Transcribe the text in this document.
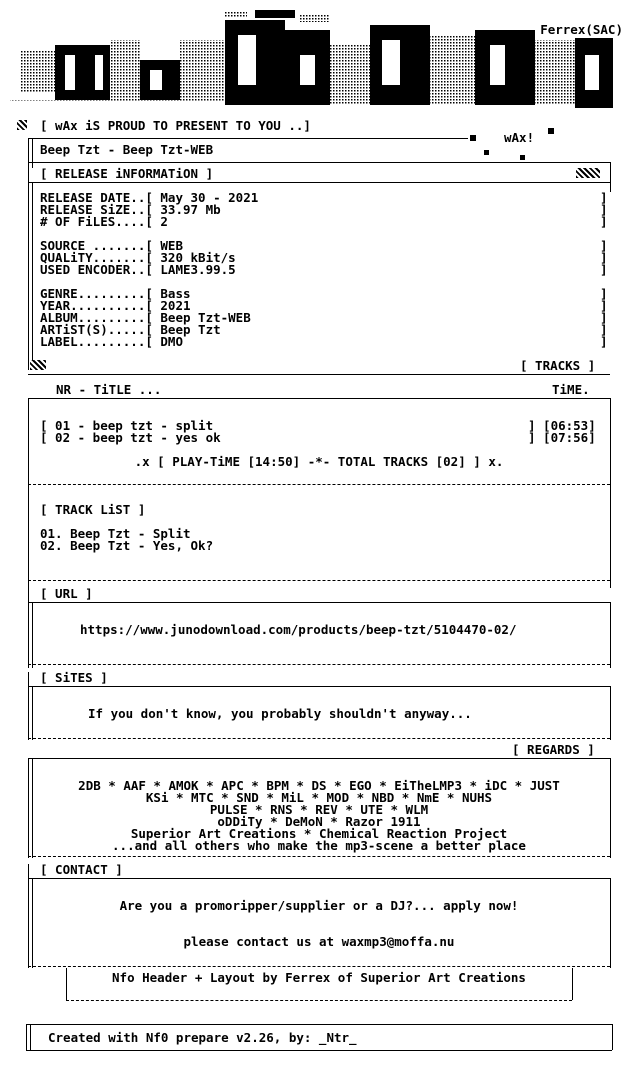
Ferrex(SAC)
[ wAx iS PROUD TO PRESENT TO YOU ..]
wAx!
Beep Tzt - Beep Tzt-WEB
[ RELEASE iNFORMATiON ]
RELEASE DATE..[ May 30 - 2021	]
RELEASE SiZE..[ 33.97 Mb	]
# OF FiLES....[ 2	]
SOURCE .......[ WEB	]
QUALiTY.......[ 320 kBit/s	]
USED ENCODER..[ LAME3.99.5	]
GENRE.........[ Bass	]
YEAR..........[ 2021	]
ALBUM.........[ Beep Tzt-WEB	]
ARTiST(S).....[ Beep Tzt	]
LABEL.........[ DMO	]
[ TRACKS ]
NR - TiTLE ...	TiME.
[ 01 - beep tzt - split	] [06:53]
[ 02 - beep tzt - yes ok	] [07:56]
.x [ PLAY-TiME [14:50] -*- TOTAL TRACKS [02] ] x.
[ TRACK LiST ]
01. Beep Tzt - Split
02. Beep Tzt - Yes, Ok?
[ URL ]
https://www.junodownload.com/products/beep-tzt/5104470-02/
[ SiTES ]
If you don't know, you probably shouldn't anyway...
[ REGARDS ]
2DB * AAF * AMOK * APC * BPM * DS * EGO * EiTheLMP3 * iDC * JUST
KSi * MTC * SND * MiL * MOD * NBD * NmE * NUHS
PULSE * RNS * REV * UTE * WLM
oDDiTy * DeMoN * Razor 1911
Superior Art Creations * Chemical Reaction Project
...and all others who make the mp3-scene a better place
[ CONTACT ]
Are you a promoripper/supplier or a DJ?... apply now!
please contact us at waxmp3@moffa.nu
Nfo Header + Layout by Ferrex of Superior Art Creations
Created with Nf0 prepare v2.26, by: _Ntr_
